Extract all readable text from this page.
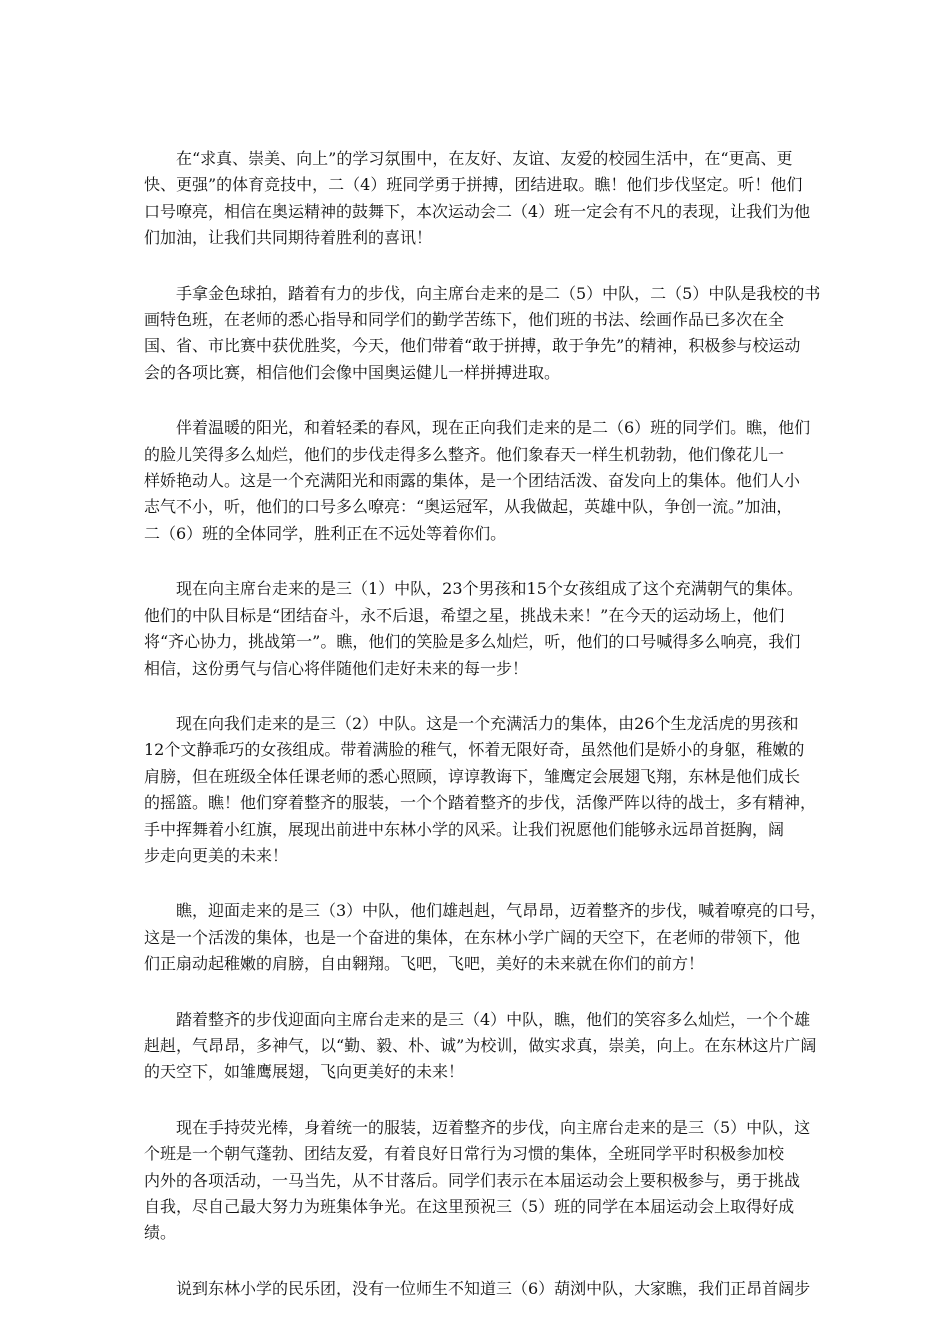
在“求真、崇美、向上”的学习氛围中，在友好、友谊、友爱的校园生活中，在“更高、更
快、更强”的体育竞技中，二（4）班同学勇于拼搏，团结进取。瞧！他们步伐坚定。听！他们
口号嘹亮，相信在奥运精神的鼓舞下，本次运动会二（4）班一定会有不凡的表现，让我们为他
们加油，让我们共同期待着胜利的喜讯！
手拿金色球拍，踏着有力的步伐，向主席台走来的是二（5）中队，二（5）中队是我校的书
画特色班，在老师的悉心指导和同学们的勤学苦练下，他们班的书法、绘画作品已多次在全
国、省、市比赛中获优胜奖，今天，他们带着“敢于拼搏，敢于争先”的精神，积极参与校运动
会的各项比赛，相信他们会像中国奥运健儿一样拼搏进取。
伴着温暖的阳光，和着轻柔的春风，现在正向我们走来的是二（6）班的同学们。瞧，他们
的脸儿笑得多么灿烂，他们的步伐走得多么整齐。他们象春天一样生机勃勃，他们像花儿一
样娇艳动人。这是一个充满阳光和雨露的集体，是一个团结活泼、奋发向上的集体。他们人小
志气不小，听，他们的口号多么嘹亮：“奥运冠军，从我做起，英雄中队，争创一流。”加油，
二（6）班的全体同学，胜利正在不远处等着你们。
现在向主席台走来的是三（1）中队，23个男孩和15个女孩组成了这个充满朝气的集体。
他们的中队目标是“团结奋斗，永不后退，希望之星，挑战未来！”在今天的运动场上，他们
将“齐心协力，挑战第一”。瞧，他们的笑脸是多么灿烂，听，他们的口号喊得多么响亮，我们
相信，这份勇气与信心将伴随他们走好未来的每一步！
现在向我们走来的是三（2）中队。这是一个充满活力的集体，由26个生龙活虎的男孩和
12个文静乖巧的女孩组成。带着满脸的稚气，怀着无限好奇，虽然他们是娇小的身躯，稚嫩的
肩膀，但在班级全体任课老师的悉心照顾，谆谆教诲下，雏鹰定会展翅飞翔，东林是他们成长
的摇篮。瞧！他们穿着整齐的服装，一个个踏着整齐的步伐，活像严阵以待的战士，多有精神，
手中挥舞着小红旗，展现出前进中东林小学的风采。让我们祝愿他们能够永远昂首挺胸，阔
步走向更美的未来！
瞧，迎面走来的是三（3）中队，他们雄赳赳，气昂昂，迈着整齐的步伐，喊着嘹亮的口号，
这是一个活泼的集体，也是一个奋进的集体，在东林小学广阔的天空下，在老师的带领下，他
们正扇动起稚嫩的肩膀，自由翱翔。飞吧，飞吧，美好的未来就在你们的前方！
踏着整齐的步伐迎面向主席台走来的是三（4）中队，瞧，他们的笑容多么灿烂，一个个雄
赳赳，气昂昂，多神气，以“勤、毅、朴、诚”为校训，做实求真，崇美，向上。在东林这片广阔
的天空下，如雏鹰展翅，飞向更美好的未来！
现在手持荧光棒，身着统一的服装，迈着整齐的步伐，向主席台走来的是三（5）中队，这
个班是一个朝气蓬勃、团结友爱，有着良好日常行为习惯的集体，全班同学平时积极参加校
内外的各项活动，一马当先，从不甘落后。同学们表示在本届运动会上要积极参与，勇于挑战
自我，尽自己最大努力为班集体争光。在这里预祝三（5）班的同学在本届运动会上取得好成
绩。
说到东林小学的民乐团，没有一位师生不知道三（6）葫浏中队，大家瞧，我们正昂首阔步
